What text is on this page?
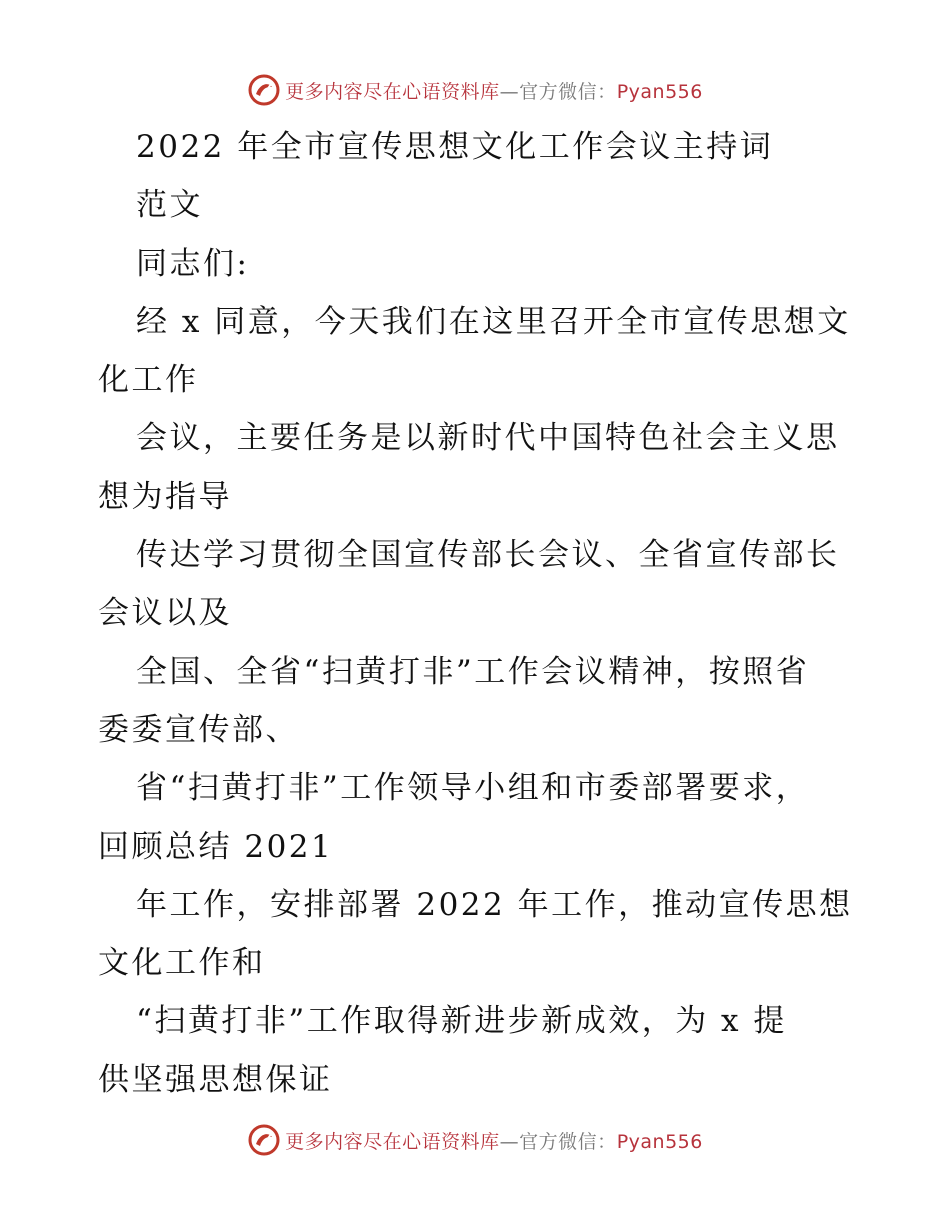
更多内容尽在心语资料库—官方微信：Pyan556
2022 年全市宣传思想文化工作会议主持词
范文
同志们:
经 x 同意，今天我们在这里召开全市宣传思想文
化工作
会议，主要任务是以新时代中国特色社会主义思
想为指导
传达学习贯彻全国宣传部长会议、全省宣传部长
会议以及
全国、全省“扫黄打非”工作会议精神，按照省
委委宣传部、
省“扫黄打非”工作领导小组和市委部署要求，
回顾总结 2021
年工作，安排部署 2022 年工作，推动宣传思想
文化工作和
“扫黄打非”工作取得新进步新成效，为 x 提
供坚强思想保证
更多内容尽在心语资料库—官方微信：Pyan556
